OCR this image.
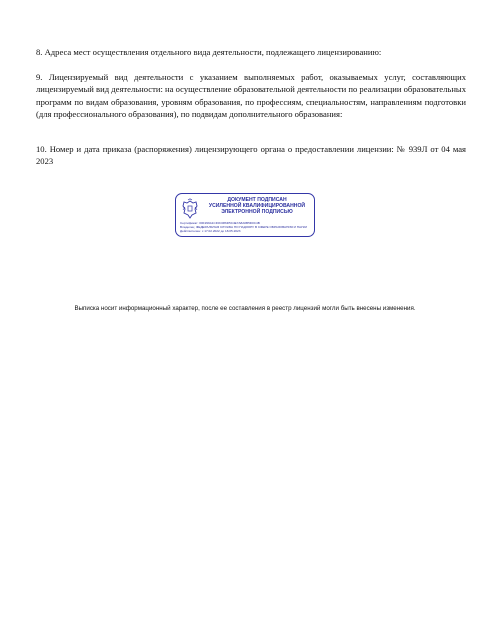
8. Адреса мест осуществления отдельного вида деятельности, подлежащего лицензированию:
9. Лицензируемый вид деятельности с указанием выполняемых работ, оказываемых услуг, составляющих лицензируемый вид деятельности: на осуществление образовательной деятельности по реализации образовательных программ по видам образования, уровням образования, по профессиям, специальностям, направлениям подготовки (для профессионального образования), по подвидам дополнительного образования:
10. Номер и дата приказа (распоряжения) лицензирующего органа о предоставлении лицензии: № 939Л от 04 мая 2023
ДОКУМЕНТ ПОДПИСАН
УСИЛЕННОЙ КВАЛИФИЦИРОВАННОЙ
ЭЛЕКТРОННОЙ ПОДПИСЬЮ
Сертификат: 00F299A1CF0C086D5C4E7A8A0B5D0C4B
Владелец: ФЕДЕРАЛЬНАЯ СЛУЖБА ПО НАДЗОРУ В СФЕРЕ ОБРАЗОВАНИЯ И НАУКИ
Действителен: с 17.02.2022 до 18.05.2023
Выписка носит информационный характер, после ее составления в реестр лицензий могли быть внесены изменения.
